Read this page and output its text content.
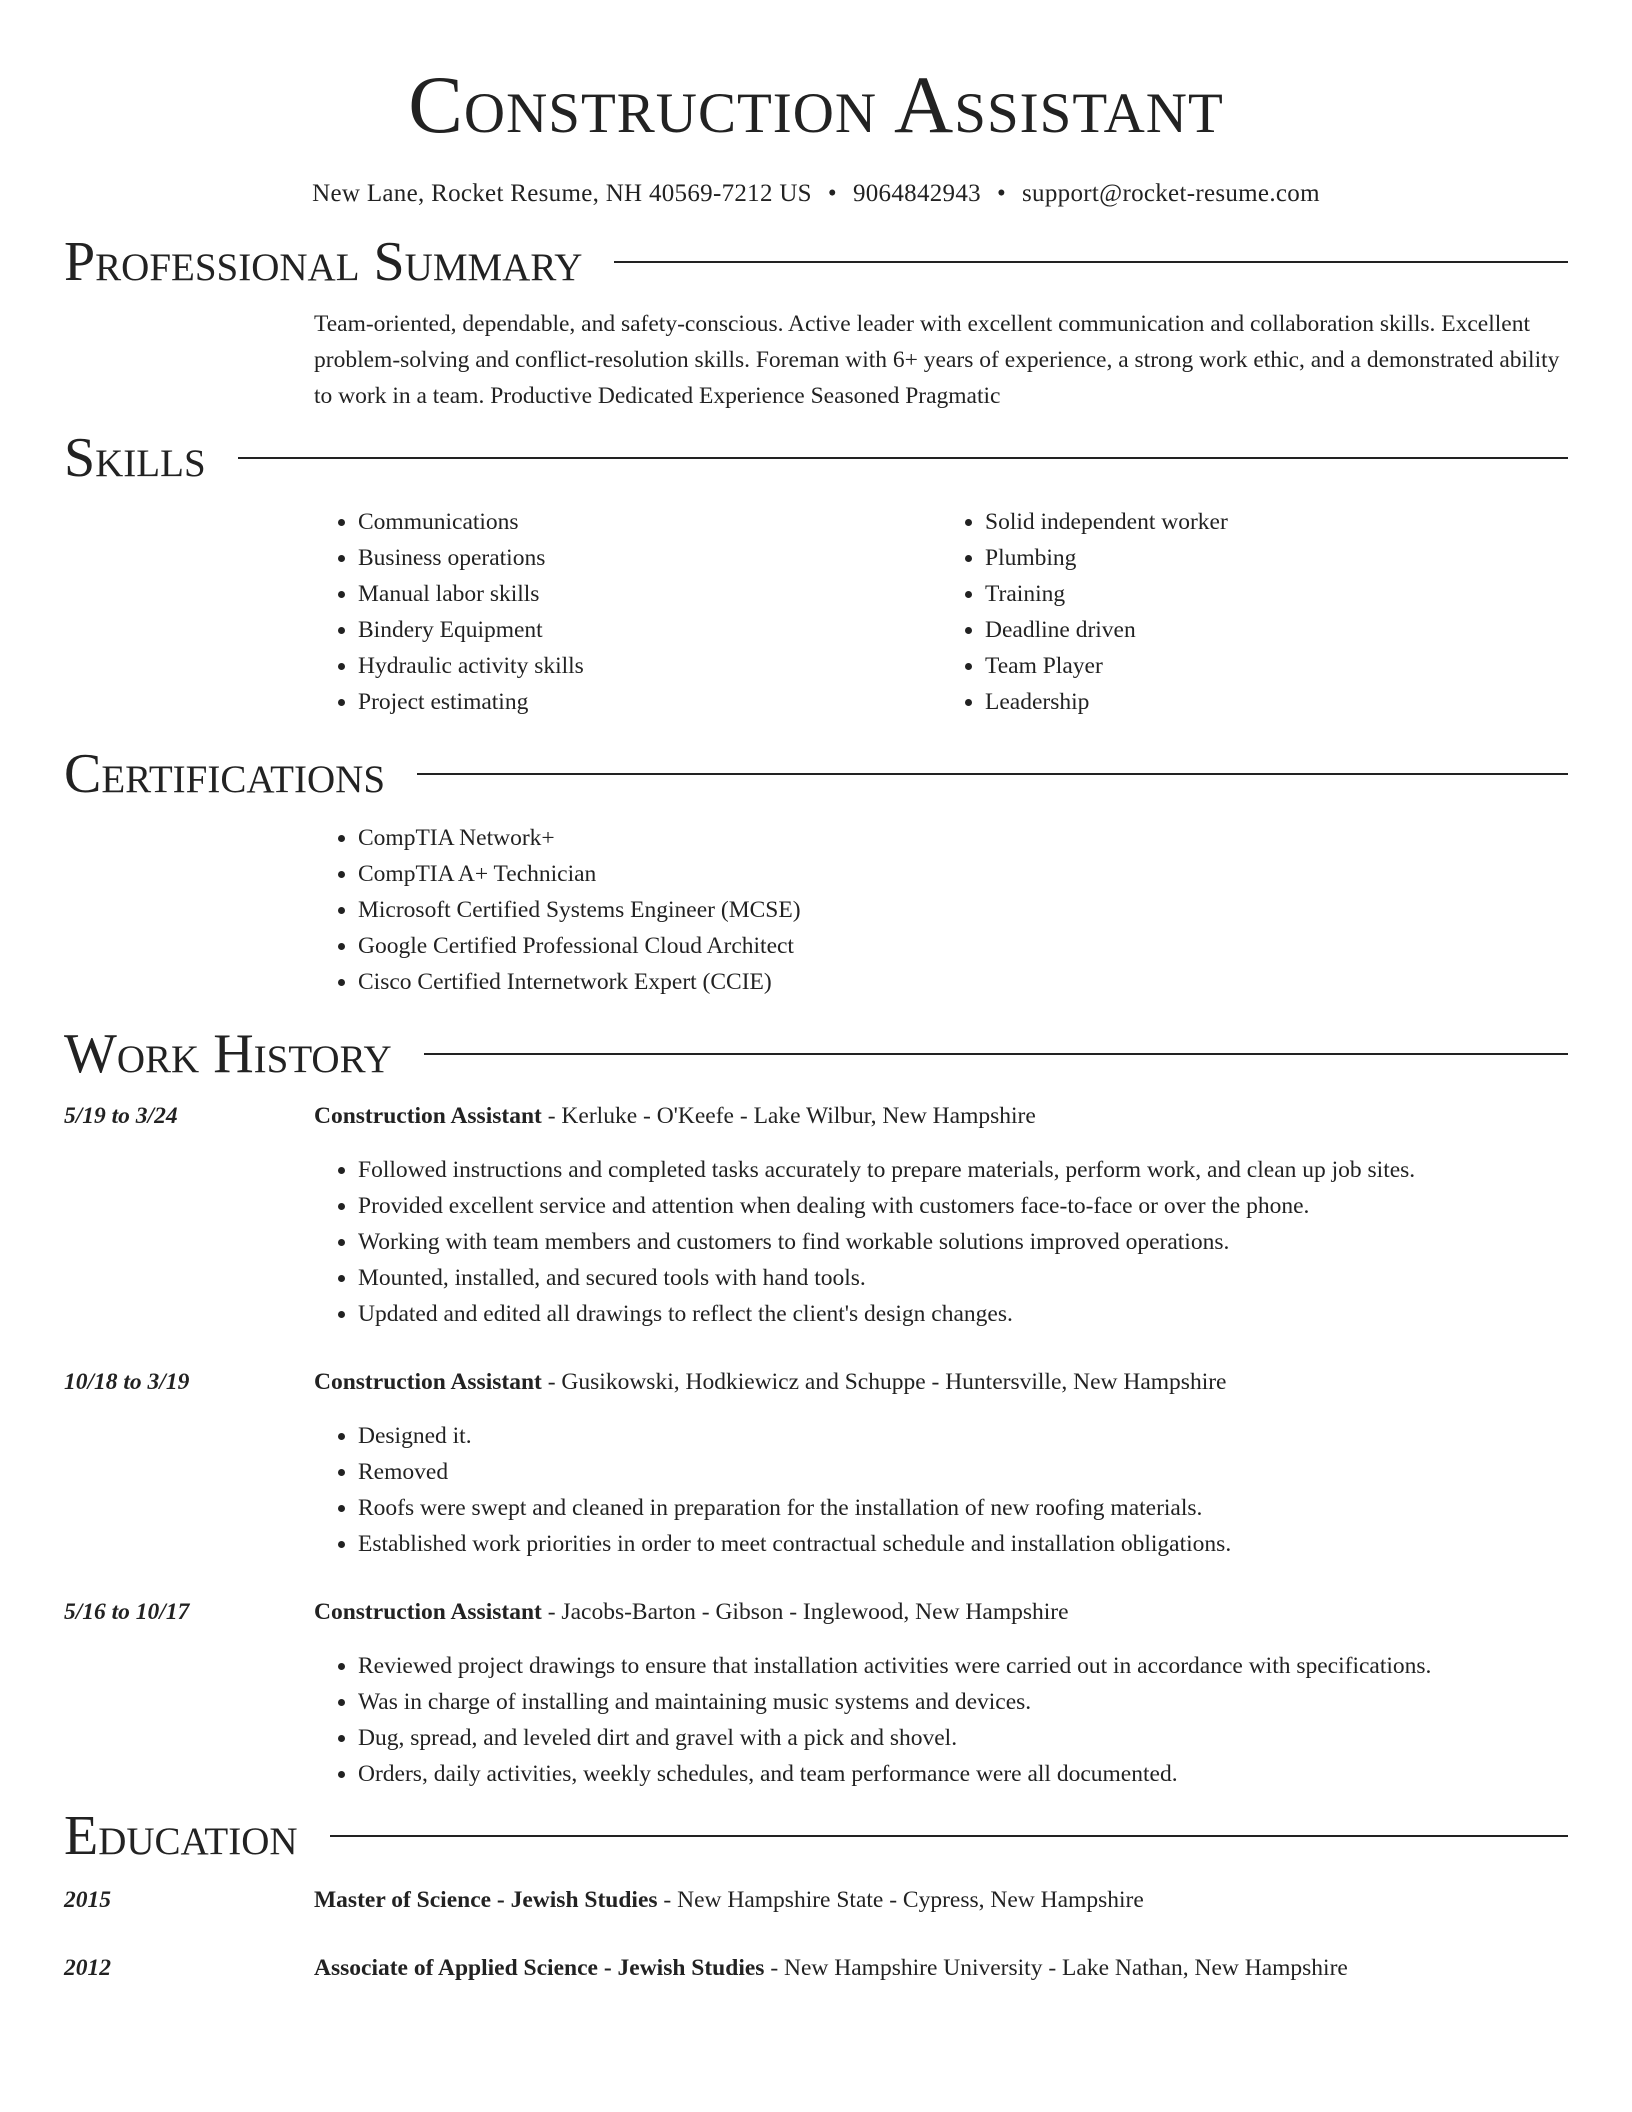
Construction Assistant
New Lane, Rocket Resume, NH 40569-7212 US • 9064842943 • support@rocket-resume.com
Professional Summary
Team-oriented, dependable, and safety-conscious. Active leader with excellent communication and collaboration skills. Excellent problem-solving and conflict-resolution skills. Foreman with 6+ years of experience, a strong work ethic, and a demonstrated ability to work in a team. Productive Dedicated Experience Seasoned Pragmatic
Skills
• Communications
• Business operations
• Manual labor skills
• Bindery Equipment
• Hydraulic activity skills
• Project estimating
• Solid independent worker
• Plumbing
• Training
• Deadline driven
• Team Player
• Leadership
Certifications
• CompTIA Network+
• CompTIA A+ Technician
• Microsoft Certified Systems Engineer (MCSE)
• Google Certified Professional Cloud Architect
• Cisco Certified Internetwork Expert (CCIE)
Work History
5/19 to 3/24	Construction Assistant - Kerluke - O'Keefe - Lake Wilbur, New Hampshire
• Followed instructions and completed tasks accurately to prepare materials, perform work, and clean up job sites.
• Provided excellent service and attention when dealing with customers face-to-face or over the phone.
• Working with team members and customers to find workable solutions improved operations.
• Mounted, installed, and secured tools with hand tools.
• Updated and edited all drawings to reflect the client's design changes.
10/18 to 3/19	Construction Assistant - Gusikowski, Hodkiewicz and Schuppe - Huntersville, New Hampshire
• Designed it.
• Removed
• Roofs were swept and cleaned in preparation for the installation of new roofing materials.
• Established work priorities in order to meet contractual schedule and installation obligations.
5/16 to 10/17	Construction Assistant - Jacobs-Barton - Gibson - Inglewood, New Hampshire
• Reviewed project drawings to ensure that installation activities were carried out in accordance with specifications.
• Was in charge of installing and maintaining music systems and devices.
• Dug, spread, and leveled dirt and gravel with a pick and shovel.
• Orders, daily activities, weekly schedules, and team performance were all documented.
Education
2015	Master of Science - Jewish Studies - New Hampshire State - Cypress, New Hampshire
2012	Associate of Applied Science - Jewish Studies - New Hampshire University - Lake Nathan, New Hampshire
